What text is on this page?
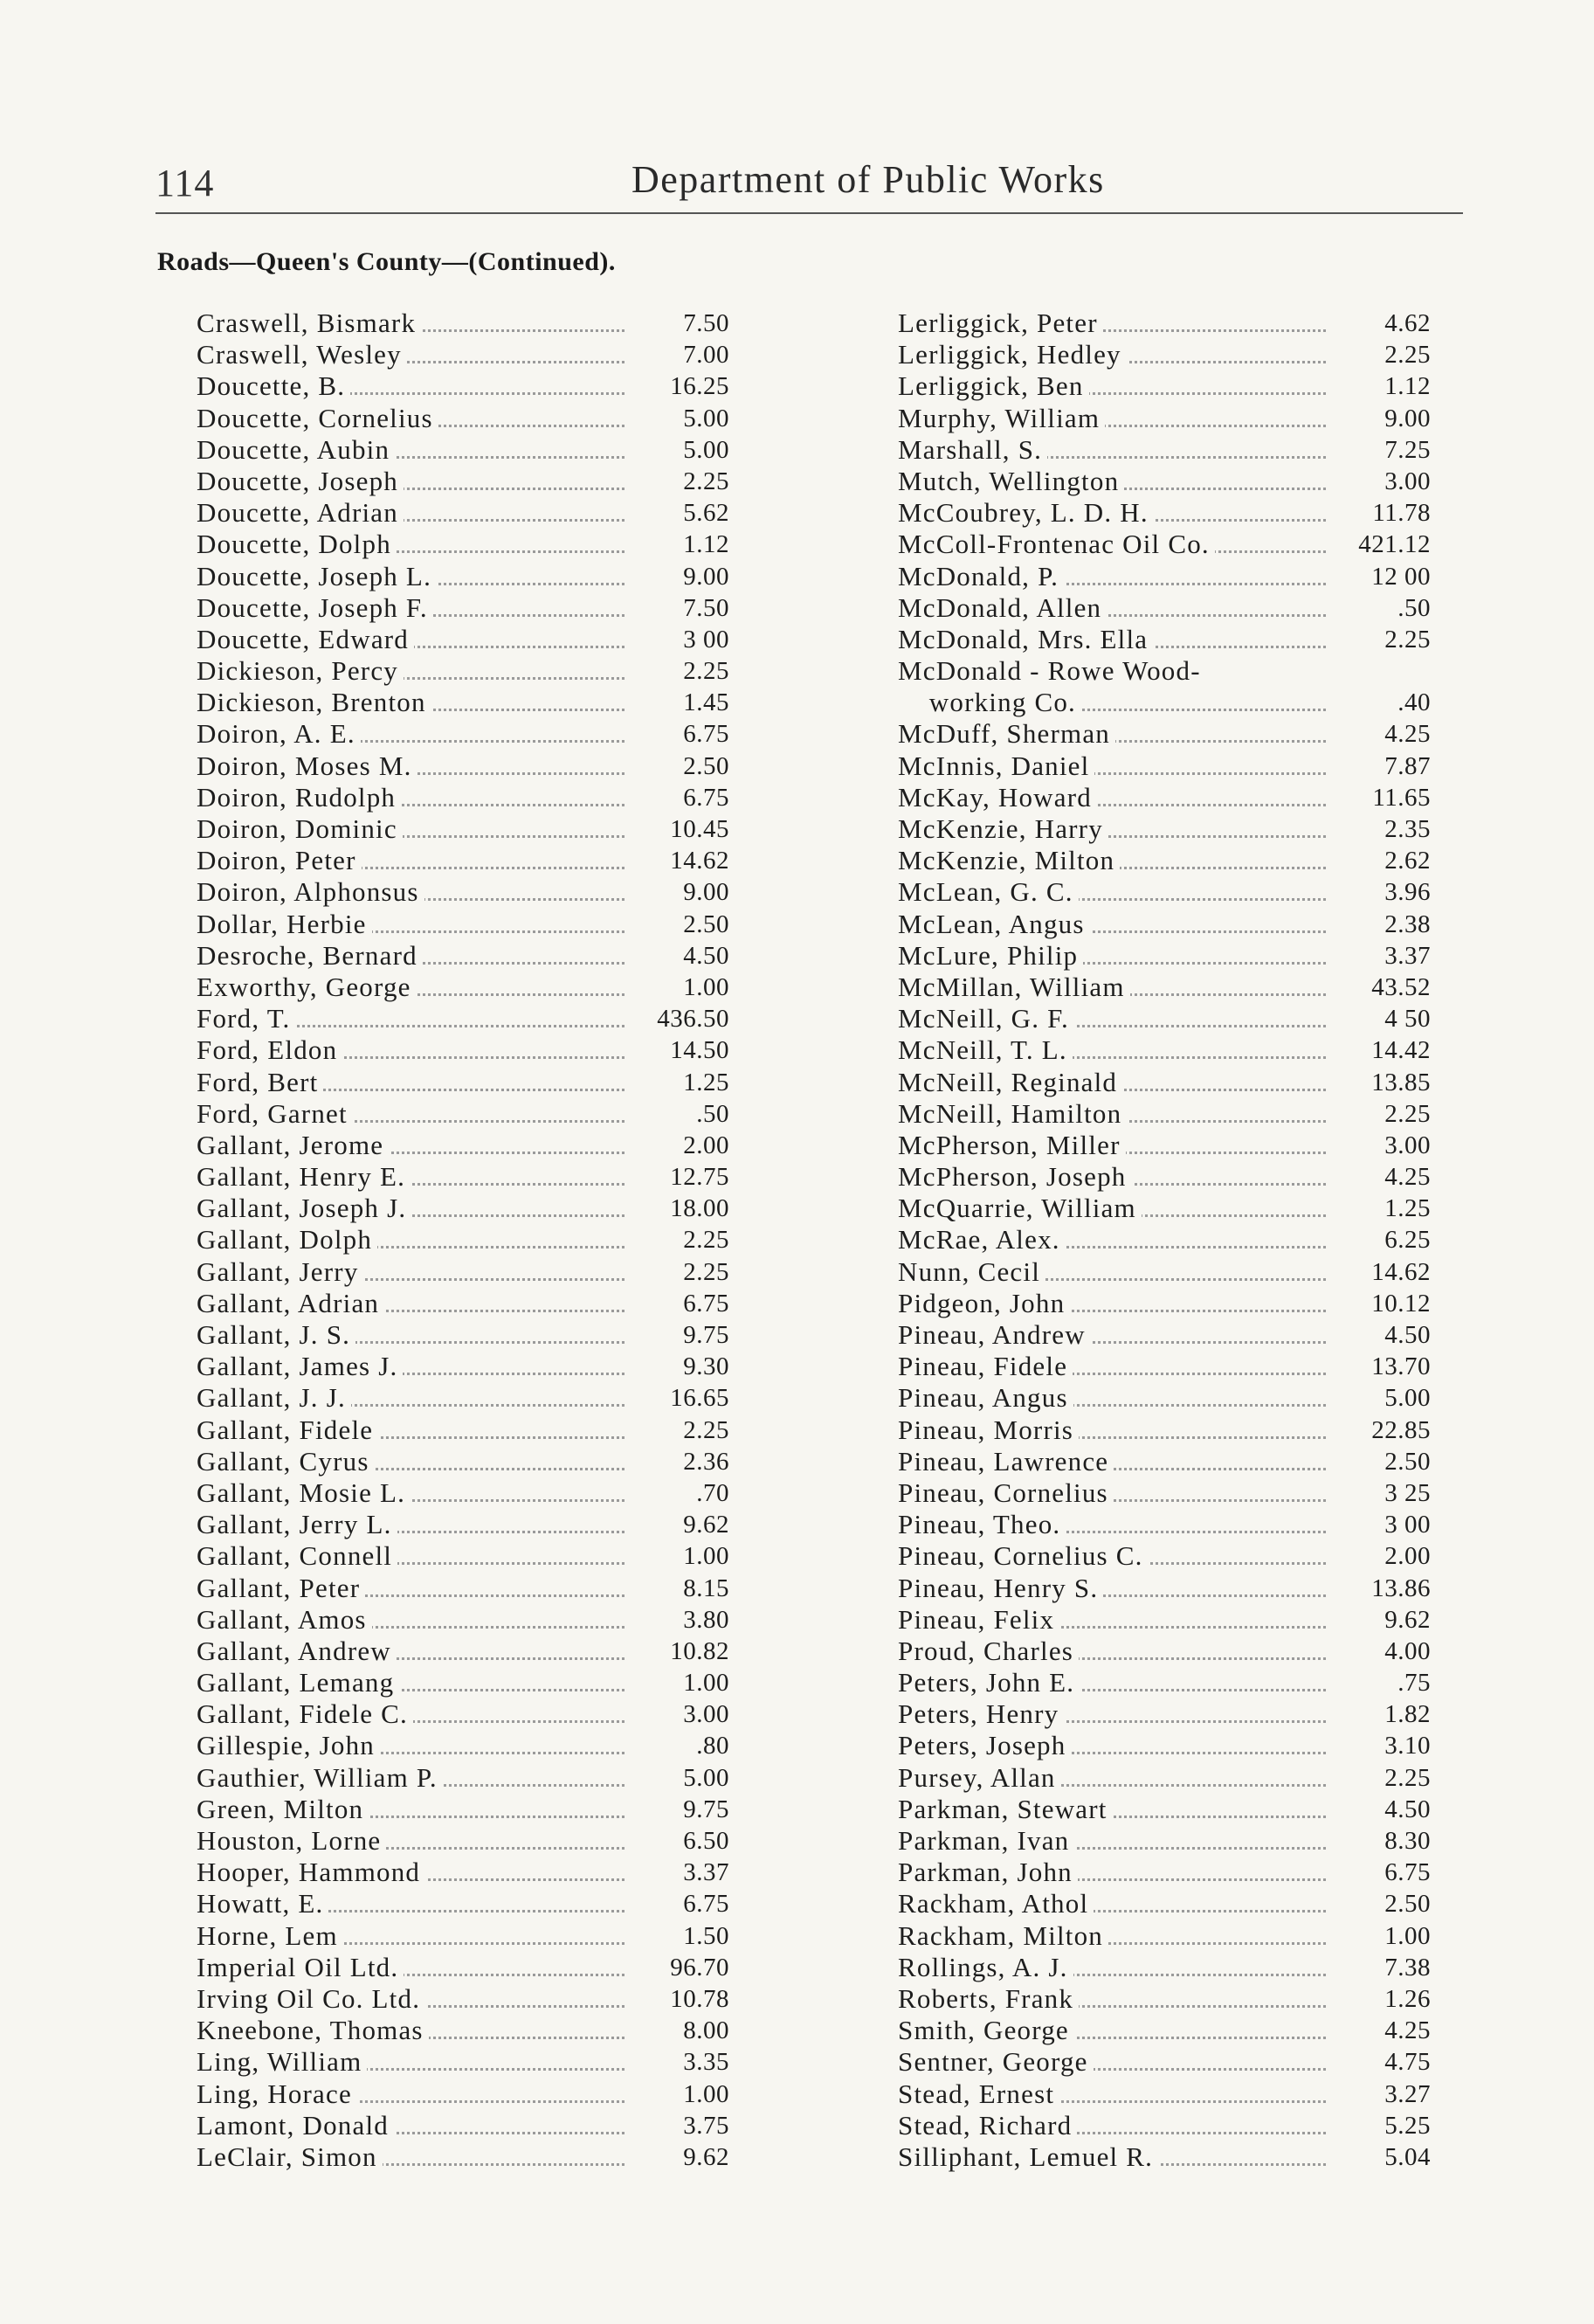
114	Department of Public Works
Roads—Queen's County—(Continued).
Craswell, Bismark	7.50
Craswell, Wesley	7.00
Doucette, B.	16.25
Doucette, Cornelius	5.00
Doucette, Aubin	5.00
Doucette, Joseph	2.25
Doucette, Adrian	5.62
Doucette, Dolph	1.12
Doucette, Joseph L.	9.00
Doucette, Joseph F.	7.50
Doucette, Edward	3 00
Dickieson, Percy	2.25
Dickieson, Brenton	1.45
Doiron, A. E.	6.75
Doiron, Moses M.	2.50
Doiron, Rudolph	6.75
Doiron, Dominic	10.45
Doiron, Peter	14.62
Doiron, Alphonsus	9.00
Dollar, Herbie	2.50
Desroche, Bernard	4.50
Exworthy, George	1.00
Ford, T.	436.50
Ford, Eldon	14.50
Ford, Bert	1.25
Ford, Garnet	.50
Gallant, Jerome	2.00
Gallant, Henry E.	12.75
Gallant, Joseph J.	18.00
Gallant, Dolph	2.25
Gallant, Jerry	2.25
Gallant, Adrian	6.75
Gallant, J. S.	9.75
Gallant, James J.	9.30
Gallant, J. J.	16.65
Gallant, Fidele	2.25
Gallant, Cyrus	2.36
Gallant, Mosie L.	.70
Gallant, Jerry L.	9.62
Gallant, Connell	1.00
Gallant, Peter	8.15
Gallant, Amos	3.80
Gallant, Andrew	10.82
Gallant, Lemang	1.00
Gallant, Fidele C.	3.00
Gillespie, John	.80
Gauthier, William P.	5.00
Green, Milton	9.75
Houston, Lorne	6.50
Hooper, Hammond	3.37
Howatt, E.	6.75
Horne, Lem	1.50
Imperial Oil Ltd.	96.70
Irving Oil Co. Ltd.	10.78
Kneebone, Thomas	8.00
Ling, William	3.35
Ling, Horace	1.00
Lamont, Donald	3.75
LeClair, Simon	9.62
Lerliggick, Peter	4.62
Lerliggick, Hedley	2.25
Lerliggick, Ben	1.12
Murphy, William	9.00
Marshall, S.	7.25
Mutch, Wellington	3.00
McCoubrey, L. D. H.	11.78
McColl-Frontenac Oil Co.	421.12
McDonald, P.	12 00
McDonald, Allen	.50
McDonald, Mrs. Ella	2.25
McDonald - Rowe Wood-
working Co.	.40
McDuff, Sherman	4.25
McInnis, Daniel	7.87
McKay, Howard	11.65
McKenzie, Harry	2.35
McKenzie, Milton	2.62
McLean, G. C.	3.96
McLean, Angus	2.38
McLure, Philip	3.37
McMillan, William	43.52
McNeill, G. F.	4 50
McNeill, T. L.	14.42
McNeill, Reginald	13.85
McNeill, Hamilton	2.25
McPherson, Miller	3.00
McPherson, Joseph	4.25
McQuarrie, William	1.25
McRae, Alex.	6.25
Nunn, Cecil	14.62
Pidgeon, John	10.12
Pineau, Andrew	4.50
Pineau, Fidele	13.70
Pineau, Angus	5.00
Pineau, Morris	22.85
Pineau, Lawrence	2.50
Pineau, Cornelius	3 25
Pineau, Theo.	3 00
Pineau, Cornelius C.	2.00
Pineau, Henry S.	13.86
Pineau, Felix	9.62
Proud, Charles	4.00
Peters, John E.	.75
Peters, Henry	1.82
Peters, Joseph	3.10
Pursey, Allan	2.25
Parkman, Stewart	4.50
Parkman, Ivan	8.30
Parkman, John	6.75
Rackham, Athol	2.50
Rackham, Milton	1.00
Rollings, A. J.	7.38
Roberts, Frank	1.26
Smith, George	4.25
Sentner, George	4.75
Stead, Ernest	3.27
Stead, Richard	5.25
Silliphant, Lemuel R.	5.04
